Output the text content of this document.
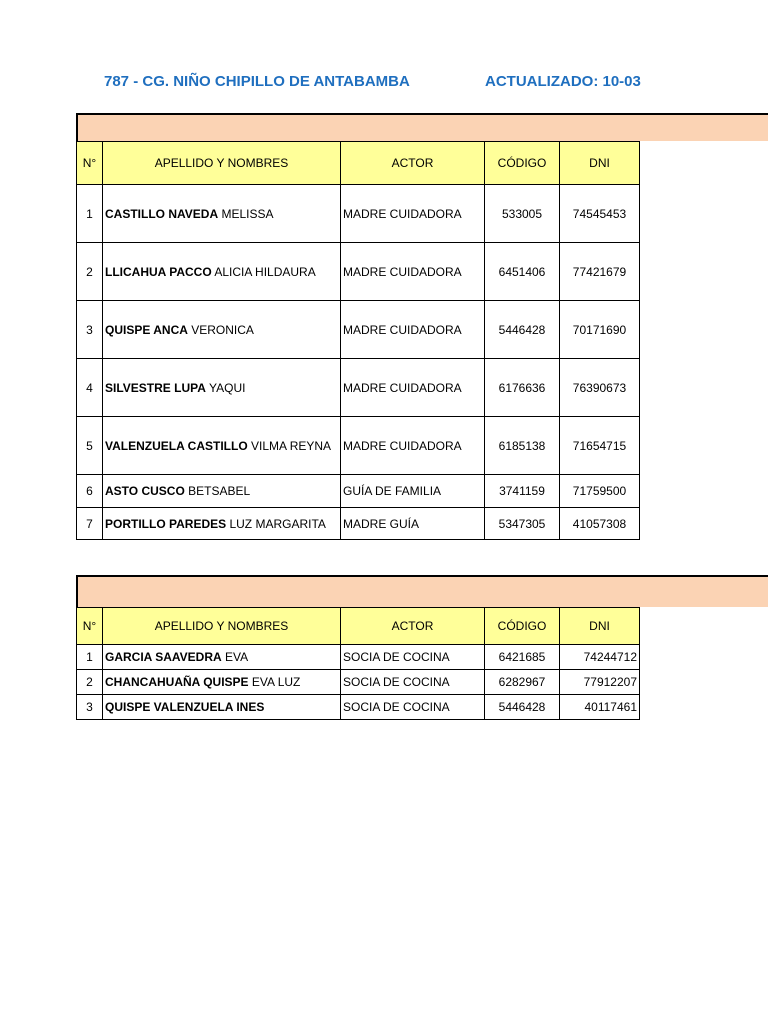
787 - CG. NIÑO CHIPILLO DE ANTABAMBA	ACTUALIZADO: 10-03
N°	APELLIDO Y NOMBRES	ACTOR	CÓDIGO	DNI
1	CASTILLO NAVEDA MELISSA	MADRE CUIDADORA	533005	74545453
2	LLICAHUA PACCO ALICIA HILDAURA	MADRE CUIDADORA	6451406	77421679
3	QUISPE ANCA VERONICA	MADRE CUIDADORA	5446428	70171690
4	SILVESTRE LUPA YAQUI	MADRE CUIDADORA	6176636	76390673
5	VALENZUELA CASTILLO VILMA REYNA	MADRE CUIDADORA	6185138	71654715
6	ASTO CUSCO BETSABEL	GUÍA DE FAMILIA	3741159	71759500
7	PORTILLO PAREDES LUZ MARGARITA	MADRE GUÍA	5347305	41057308
N°	APELLIDO Y NOMBRES	ACTOR	CÓDIGO	DNI
1	GARCIA SAAVEDRA EVA	SOCIA DE COCINA	6421685	74244712
2	CHANCAHUAÑA QUISPE EVA LUZ	SOCIA DE COCINA	6282967	77912207
3	QUISPE VALENZUELA INES	SOCIA DE COCINA	5446428	40117461
